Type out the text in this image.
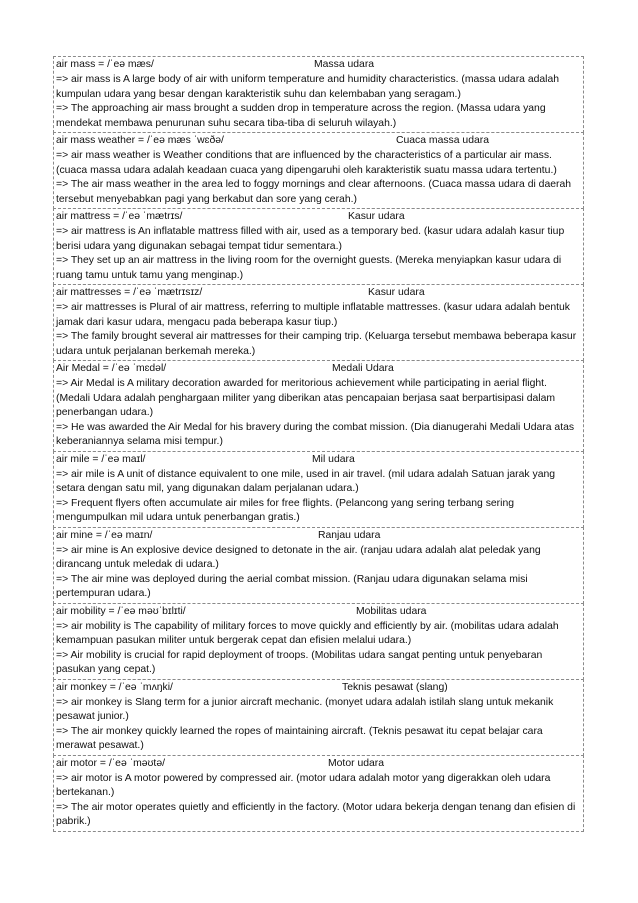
air mass = /ˈeə mæs/	Massa udara
=> air mass is A large body of air with uniform temperature and humidity characteristics. (massa udara adalah kumpulan udara yang besar dengan karakteristik suhu dan kelembaban yang seragam.)
=> The approaching air mass brought a sudden drop in temperature across the region. (Massa udara yang mendekat membawa penurunan suhu secara tiba-tiba di seluruh wilayah.)
air mass weather = /ˈeə mæs ˈwɛðə/	Cuaca massa udara
=> air mass weather is Weather conditions that are influenced by the characteristics of a particular air mass. (cuaca massa udara adalah keadaan cuaca yang dipengaruhi oleh karakteristik suatu massa udara tertentu.)
=> The air mass weather in the area led to foggy mornings and clear afternoons. (Cuaca massa udara di daerah tersebut menyebabkan pagi yang berkabut dan sore yang cerah.)
air mattress = /ˈeə ˈmætrɪs/	Kasur udara
=> air mattress is An inflatable mattress filled with air, used as a temporary bed. (kasur udara adalah kasur tiup berisi udara yang digunakan sebagai tempat tidur sementara.)
=> They set up an air mattress in the living room for the overnight guests. (Mereka menyiapkan kasur udara di ruang tamu untuk tamu yang menginap.)
air mattresses = /ˈeə ˈmætrɪsɪz/	Kasur udara
=> air mattresses is Plural of air mattress, referring to multiple inflatable mattresses. (kasur udara adalah bentuk jamak dari kasur udara, mengacu pada beberapa kasur tiup.)
=> The family brought several air mattresses for their camping trip. (Keluarga tersebut membawa beberapa kasur udara untuk perjalanan berkemah mereka.)
Air Medal = /ˈeə ˈmɛdəl/	Medali Udara
=> Air Medal is A military decoration awarded for meritorious achievement while participating in aerial flight. (Medali Udara adalah penghargaan militer yang diberikan atas pencapaian berjasa saat berpartisipasi dalam penerbangan udara.)
=> He was awarded the Air Medal for his bravery during the combat mission. (Dia dianugerahi Medali Udara atas keberaniannya selama misi tempur.)
air mile = /ˈeə maɪl/	Mil udara
=> air mile is A unit of distance equivalent to one mile, used in air travel. (mil udara adalah Satuan jarak yang setara dengan satu mil, yang digunakan dalam perjalanan udara.)
=> Frequent flyers often accumulate air miles for free flights. (Pelancong yang sering terbang sering mengumpulkan mil udara untuk penerbangan gratis.)
air mine = /ˈeə maɪn/	Ranjau udara
=> air mine is An explosive device designed to detonate in the air. (ranjau udara adalah alat peledak yang dirancang untuk meledak di udara.)
=> The air mine was deployed during the aerial combat mission. (Ranjau udara digunakan selama misi pertempuran udara.)
air mobility = /ˈeə məʊˈbɪlɪti/	Mobilitas udara
=> air mobility is The capability of military forces to move quickly and efficiently by air. (mobilitas udara adalah kemampuan pasukan militer untuk bergerak cepat dan efisien melalui udara.)
=> Air mobility is crucial for rapid deployment of troops. (Mobilitas udara sangat penting untuk penyebaran pasukan yang cepat.)
air monkey = /ˈeə ˈmʌŋki/	Teknis pesawat (slang)
=> air monkey is Slang term for a junior aircraft mechanic. (monyet udara adalah istilah slang untuk mekanik pesawat junior.)
=> The air monkey quickly learned the ropes of maintaining aircraft. (Teknis pesawat itu cepat belajar cara merawat pesawat.)
air motor = /ˈeə ˈməʊtə/	Motor udara
=> air motor is A motor powered by compressed air. (motor udara adalah motor yang digerakkan oleh udara bertekanan.)
=> The air motor operates quietly and efficiently in the factory. (Motor udara bekerja dengan tenang dan efisien di pabrik.)
